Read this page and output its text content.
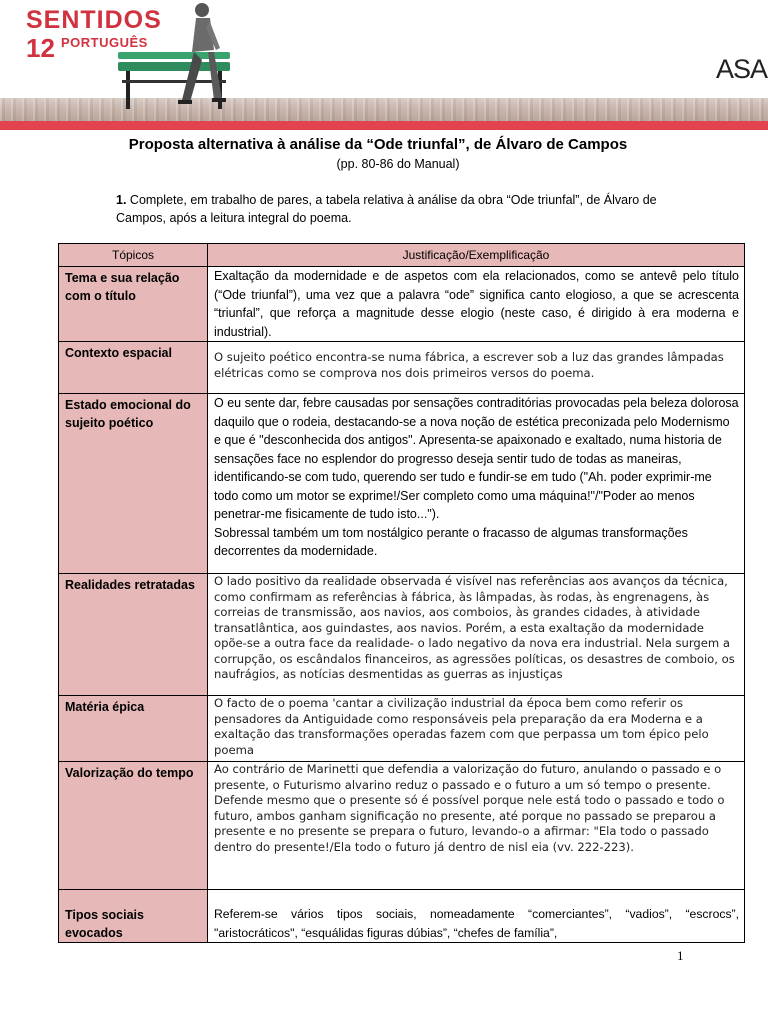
SENTIDOS
12 PORTUGUÊS
ASA
Proposta alternativa à análise da “Ode triunfal”, de Álvaro de Campos
(pp. 80-86 do Manual)
1. Complete, em trabalho de pares, a tabela relativa à análise da obra “Ode triunfal”, de Álvaro de Campos, após a leitura integral do poema.
Tópicos	Justificação/Exemplificação
Tema e sua relação com o título	Exaltação da modernidade e de aspetos com ela relacionados, como se antevê pelo título (“Ode triunfal”), uma vez que a palavra “ode” significa canto elogioso, a que se acrescenta “triunfal”, que reforça a magnitude desse elogio (neste caso, é dirigido à era moderna e industrial).

Contexto espacial	O sujeito poético encontra-se numa fábrica, a escrever sob a luz das grandes lâmpadas elétricas como se comprova nos dois primeiros versos do poema.

Estado emocional do sujeito poético	O eu sente dar, febre causadas por sensações contraditórias provocadas pela beleza dolorosa daquilo que o rodeia, destacando-se a nova noção de estética preconizada pelo Modernismo e que é "desconhecida dos antigos". Apresenta-se apaixonado e exaltado, numa historia de sensações face no esplendor do progresso deseja sentir tudo de todas as maneiras, identificando-se com tudo, querendo ser tudo e fundir-se em tudo ("Ah. poder exprimir-me todo como um motor se exprime!/Ser completo como uma máquina!"/"Poder ao menos penetrar-me fisicamente de tudo isto...").
Sobressal também um tom nostálgico perante o fracasso de algumas transformações decorrentes da modernidade.

Realidades retratadas	O lado positivo da realidade observada é visível nas referências aos avanços da técnica, como confirmam as referências à fábrica, às lâmpadas, às rodas, às engrenagens, às correias de transmissão, aos navios, aos comboios, às grandes cidades, à atividade transatlântica, aos guindastes, aos navios. Porém, a esta exaltação da modernidade opõe-se a outra face da realidade- o lado negativo da nova era industrial. Nela surgem a corrupção, os escândalos financeiros, as agressões políticas, os desastres de comboio, os naufrágios, as notícias desmentidas as guerras as injustiças

Matéria épica	O facto de o poema 'cantar a civilização industrial da época bem como referir os pensadores da Antiguidade como responsáveis pela preparação da era Moderna e a exaltação das transformações operadas fazem com que perpassa um tom épico pelo poema

Valorização do tempo	Ao contrário de Marinetti que defendia a valorização do futuro, anulando o passado e o presente, o Futurismo alvarino reduz o passado e o futuro a um só tempo o presente. Defende mesmo que o presente só é possível porque nele está todo o passado e todo o futuro, ambos ganham significação no presente, até porque no passado se preparou a presente e no presente se prepara o futuro, levando-o a afirmar: "Ela todo o passado dentro do presente!/Ela todo o futuro já dentro de nisl eia (vv. 222-223).

Tipos sociais evocados	Referem-se vários tipos sociais, nomeadamente “comerciantes”, “vadios”, “escrocs”, "aristocráticos", “esquálidas figuras dúbias”, “chefes de família”,
1
